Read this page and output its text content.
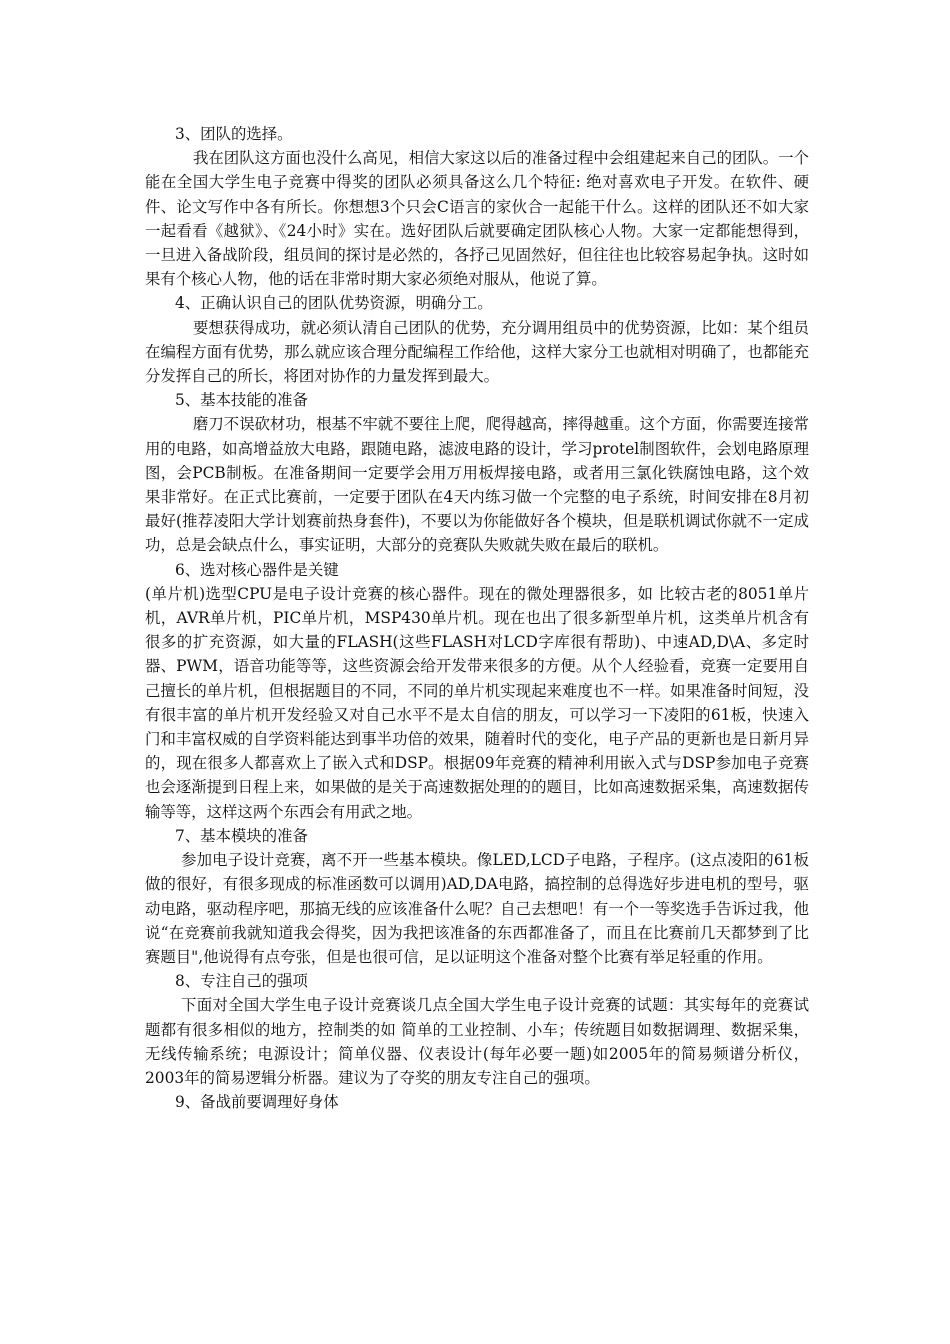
3、团队的选择。

我在团队这方面也没什么高见，相信大家这以后的准备过程中会组建起来自己的团队。一个能在全国大学生电子竞赛中得奖的团队必须具备这么几个特征: 绝对喜欢电子开发。在软件、硬件、论文写作中各有所长。你想想3个只会C语言的家伙合一起能干什么。这样的团队还不如大家一起看看《越狱》、《24小时》实在。选好团队后就要确定团队核心人物。大家一定都能想得到，一旦进入备战阶段，组员间的探讨是必然的，各抒己见固然好，但往往也比较容易起争执。这时如果有个核心人物，他的话在非常时期大家必须绝对服从，他说了算。

4、正确认识自己的团队优势资源，明确分工。

要想获得成功，就必须认清自己团队的优势，充分调用组员中的优势资源，比如：某个组员在编程方面有优势，那么就应该合理分配编程工作给他，这样大家分工也就相对明确了，也都能充分发挥自己的所长，将团对协作的力量发挥到最大。

5、基本技能的准备

磨刀不误砍材功，根基不牢就不要往上爬，爬得越高，摔得越重。这个方面，你需要连接常用的电路，如高增益放大电路，跟随电路，滤波电路的设计，学习protel制图软件，会划电路原理图，会PCB制板。在准备期间一定要学会用万用板焊接电路，或者用三氯化铁腐蚀电路，这个效果非常好。在正式比赛前，一定要于团队在4天内练习做一个完整的电子系统，时间安排在8月初最好(推荐凌阳大学计划赛前热身套件)，不要以为你能做好各个模块，但是联机调试你就不一定成功，总是会缺点什么，事实证明，大部分的竞赛队失败就失败在最后的联机。

6、选对核心器件是关键

(单片机)选型CPU是电子设计竞赛的核心器件。现在的微处理器很多，如 比较古老的8051单片机，AVR单片机，PIC单片机，MSP430单片机。现在也出了很多新型单片机，这类单片机含有很多的扩充资源，如大量的FLASH(这些FLASH对LCD字库很有帮助)、中速AD,D\A、多定时器、PWM，语音功能等等，这些资源会给开发带来很多的方便。从个人经验看，竞赛一定要用自己擅长的单片机，但根据题目的不同，不同的单片机实现起来难度也不一样。如果准备时间短，没有很丰富的单片机开发经验又对自己水平不是太自信的朋友，可以学习一下凌阳的61板，快速入门和丰富权威的自学资料能达到事半功倍的效果，随着时代的变化，电子产品的更新也是日新月异的，现在很多人都喜欢上了嵌入式和DSP。根据09年竞赛的精神利用嵌入式与DSP参加电子竞赛也会逐渐提到日程上来，如果做的是关于高速数据处理的的题目，比如高速数据采集，高速数据传输等等，这样这两个东西会有用武之地。

7、基本模块的准备

参加电子设计竞赛，离不开一些基本模块。像LED,LCD子电路，子程序。(这点凌阳的61板做的很好，有很多现成的标准函数可以调用)AD,DA电路，搞控制的总得选好步进电机的型号，驱动电路，驱动程序吧，那搞无线的应该准备什么呢？自己去想吧！有一个一等奖选手告诉过我，他说“在竞赛前我就知道我会得奖，因为我把该准备的东西都准备了，而且在比赛前几天都梦到了比赛题目",他说得有点夸张，但是也很可信，足以证明这个准备对整个比赛有举足轻重的作用。

8、专注自己的强项

下面对全国大学生电子设计竞赛谈几点全国大学生电子设计竞赛的试题：其实每年的竞赛试题都有很多相似的地方，控制类的如 简单的工业控制、小车；传统题目如数据调理、数据采集，无线传输系统；电源设计；简单仪器、仪表设计(每年必要一题)如2005年的简易频谱分析仪，2003年的简易逻辑分析器。建议为了夺奖的朋友专注自己的强项。

9、备战前要调理好身体
